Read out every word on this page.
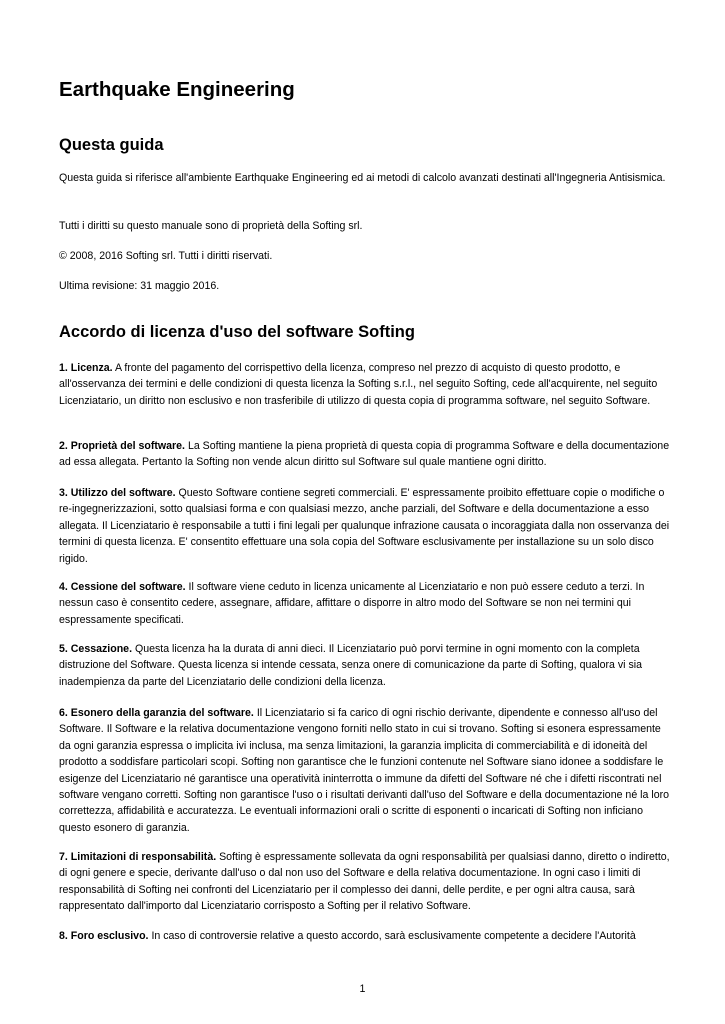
Earthquake Engineering
Questa guida

Questa guida si riferisce all'ambiente Earthquake Engineering ed ai metodi di calcolo avanzati destinati all'Ingegneria Antisismica.

Tutti i diritti su questo manuale sono di proprietà della Softing srl.

© 2008, 2016 Softing srl. Tutti i diritti riservati.

Ultima revisione: 31 maggio 2016.

Accordo di licenza d'uso del software Softing

1. Licenza. A fronte del pagamento del corrispettivo della licenza, compreso nel prezzo di acquisto di questo prodotto, e all'osservanza dei termini e delle condizioni di questa licenza la Softing s.r.l., nel seguito Softing, cede all'acquirente, nel seguito Licenziatario, un diritto non esclusivo e non trasferibile di utilizzo di questa copia di programma software, nel seguito Software.

2. Proprietà del software. La Softing mantiene la piena proprietà di questa copia di programma Software e della documentazione ad essa allegata. Pertanto la Softing non vende alcun diritto sul Software sul quale mantiene ogni diritto.

3. Utilizzo del software. Questo Software contiene segreti commerciali. E' espressamente proibito effettuare copie o modifiche o re-ingegnerizzazioni, sotto qualsiasi forma e con qualsiasi mezzo, anche parziali, del Software e della documentazione a esso allegata. Il Licenziatario è responsabile a tutti i fini legali per qualunque infrazione causata o incoraggiata dalla non osservanza dei termini di questa licenza. E' consentito effettuare una sola copia del Software esclusivamente per installazione su un solo disco rigido.

4. Cessione del software. Il software viene ceduto in licenza unicamente al Licenziatario e non può essere ceduto a terzi. In nessun caso è consentito cedere, assegnare, affidare, affittare o disporre in altro modo del Software se non nei termini qui espressamente specificati.

5. Cessazione. Questa licenza ha la durata di anni dieci. Il Licenziatario può porvi termine in ogni momento con la completa distruzione del Software. Questa licenza si intende cessata, senza onere di comunicazione da parte di Softing, qualora vi sia inadempienza da parte del Licenziatario delle condizioni della licenza.

6. Esonero della garanzia del software. Il Licenziatario si fa carico di ogni rischio derivante, dipendente e connesso all'uso del Software. Il Software e la relativa documentazione vengono forniti nello stato in cui si trovano. Softing si esonera espressamente da ogni garanzia espressa o implicita ivi inclusa, ma senza limitazioni, la garanzia implicita di commerciabilità e di idoneità del prodotto a soddisfare particolari scopi. Softing non garantisce che le funzioni contenute nel Software siano idonee a soddisfare le esigenze del Licenziatario né garantisce una operatività ininterrotta o immune da difetti del Software né che i difetti riscontrati nel software vengano corretti. Softing non garantisce l'uso o i risultati derivanti dall'uso del Software e della documentazione né la loro correttezza, affidabilità e accuratezza. Le eventuali informazioni orali o scritte di esponenti o incaricati di Softing non inficiano questo esonero di garanzia.

7. Limitazioni di responsabilità. Softing è espressamente sollevata da ogni responsabilità per qualsiasi danno, diretto o indiretto, di ogni genere e specie, derivante dall'uso o dal non uso del Software e della relativa documentazione. In ogni caso i limiti di responsabilità di Softing nei confronti del Licenziatario per il complesso dei danni, delle perdite, e per ogni altra causa, sarà rappresentato dall'importo dal Licenziatario corrisposto a Softing per il relativo Software.

8. Foro esclusivo. In caso di controversie relative a questo accordo, sarà esclusivamente competente a decidere l'Autorità

1
